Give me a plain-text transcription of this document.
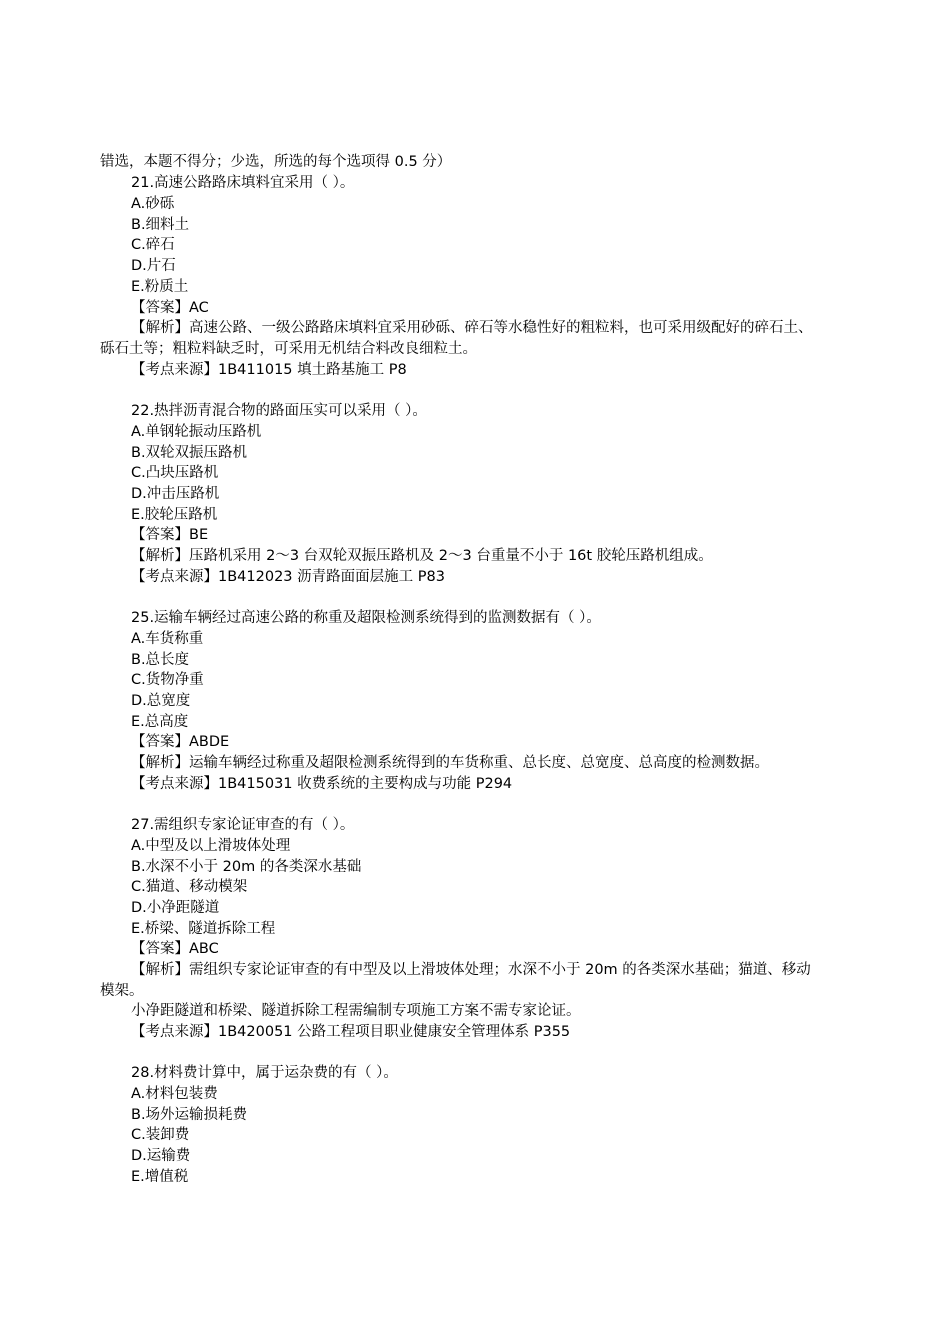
错选，本题不得分；少选，所选的每个选项得 0.5 分）
21.高速公路路床填料宜采用（ ）。
A.砂砾
B.细料土
C.碎石
D.片石
E.粉质土
【答案】AC
【解析】高速公路、一级公路路床填料宜采用砂砾、碎石等水稳性好的粗粒料，也可采用级配好的碎石土、
砾石土等；粗粒料缺乏时，可采用无机结合料改良细粒土。
【考点来源】1B411015 填土路基施工 P8
22.热拌沥青混合物的路面压实可以采用（ ）。
A.单钢轮振动压路机
B.双轮双振压路机
C.凸块压路机
D.冲击压路机
E.胶轮压路机
【答案】BE
【解析】压路机采用 2～3 台双轮双振压路机及 2～3 台重量不小于 16t 胶轮压路机组成。
【考点来源】1B412023 沥青路面面层施工 P83
25.运输车辆经过高速公路的称重及超限检测系统得到的监测数据有（ ）。
A.车货称重
B.总长度
C.货物净重
D.总宽度
E.总高度
【答案】ABDE
【解析】运输车辆经过称重及超限检测系统得到的车货称重、总长度、总宽度、总高度的检测数据。
【考点来源】1B415031 收费系统的主要构成与功能 P294
27.需组织专家论证审查的有（ ）。
A.中型及以上滑坡体处理
B.水深不小于 20m 的各类深水基础
C.猫道、移动模架
D.小净距隧道
E.桥梁、隧道拆除工程
【答案】ABC
【解析】需组织专家论证审查的有中型及以上滑坡体处理；水深不小于 20m 的各类深水基础；猫道、移动
模架。
小净距隧道和桥梁、隧道拆除工程需编制专项施工方案不需专家论证。
【考点来源】1B420051 公路工程项目职业健康安全管理体系 P355
28.材料费计算中，属于运杂费的有（ ）。
A.材料包装费
B.场外运输损耗费
C.装卸费
D.运输费
E.增值税
